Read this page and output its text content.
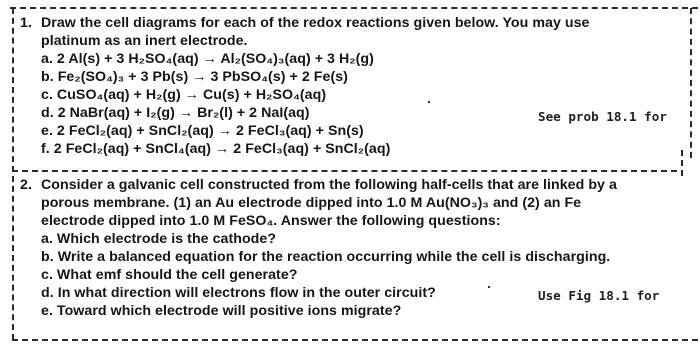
1. Draw the cell diagrams for each of the redox reactions given below. You may use
platinum as an inert electrode.
a. 2 Al(s) + 3 H₂SO₄(aq) → Al₂(SO₄)₃(aq) + 3 H₂(g)
b. Fe₂(SO₄)₃ + 3 Pb(s) → 3 PbSO₄(s) + 2 Fe(s)
c. CuSO₄(aq) + H₂(g) → Cu(s) + H₂SO₄(aq)
d. 2 NaBr(aq) + I₂(g) → Br₂(l) + 2 NaI(aq)
e. 2 FeCl₂(aq) + SnCl₂(aq) → 2 FeCl₃(aq) + Sn(s)
f. 2 FeCl₂(aq) + SnCl₄(aq) → 2 FeCl₃(aq) + SnCl₂(aq)
See prob 18.1 for
2. Consider a galvanic cell constructed from the following half-cells that are linked by a
porous membrane. (1) an Au electrode dipped into 1.0 M Au(NO₃)₃ and (2) an Fe
electrode dipped into 1.0 M FeSO₄. Answer the following questions:
a. Which electrode is the cathode?
b. Write a balanced equation for the reaction occurring while the cell is discharging.
c. What emf should the cell generate?
d. In what direction will electrons flow in the outer circuit?
e. Toward which electrode will positive ions migrate?
Use Fig 18.1 for
